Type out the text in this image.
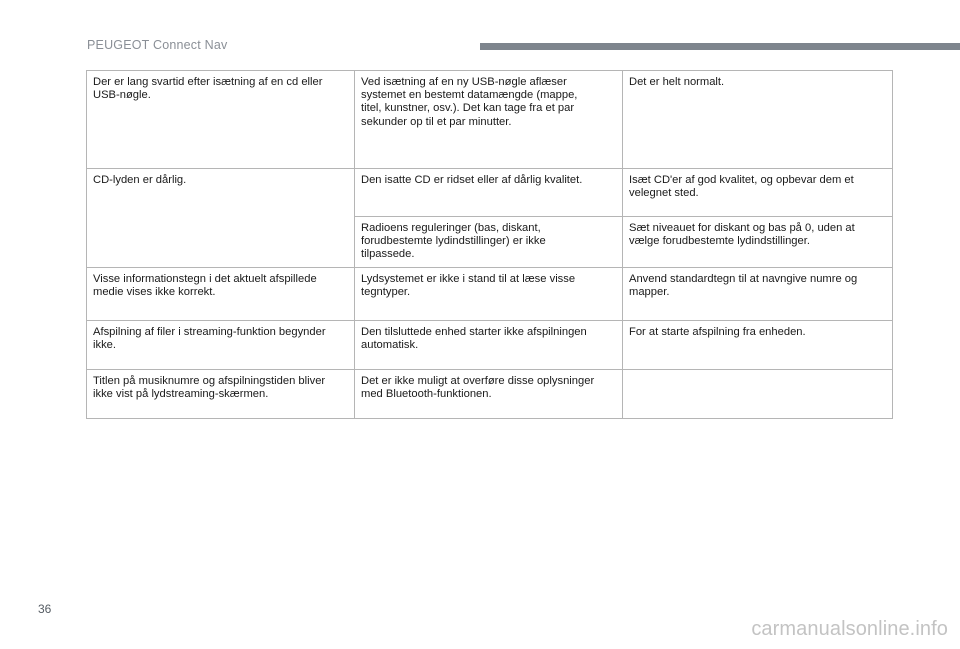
PEUGEOT Connect Nav
Der er lang svartid efter isætning af en cd eller USB-nøgle.	Ved isætning af en ny USB-nøgle aflæser
systemet en bestemt datamængde (mappe,
titel, kunstner, osv.). Det kan tage fra et par
sekunder op til et par minutter.	Det er helt normalt.
CD-lyden er dårlig.	Den isatte CD er ridset eller af dårlig kvalitet.	Isæt CD'er af god kvalitet, og opbevar dem et
velegnet sted.
	Radioens reguleringer (bas, diskant,
forudbestemte lydindstillinger) er ikke
tilpassede.	Sæt niveauet for diskant og bas på 0, uden at
vælge forudbestemte lydindstillinger.
Visse informationstegn i det aktuelt afspillede
medie vises ikke korrekt.	Lydsystemet er ikke i stand til at læse visse
tegntyper.	Anvend standardtegn til at navngive numre og
mapper.
Afspilning af filer i streaming-funktion begynder
ikke.	Den tilsluttede enhed starter ikke afspilningen
automatisk.	For at starte afspilning fra enheden.
Titlen på musiknumre og afspilningstiden bliver
ikke vist på lydstreaming-skærmen.	Det er ikke muligt at overføre disse oplysninger
med Bluetooth-funktionen.	
36
carmanualsonline.info
